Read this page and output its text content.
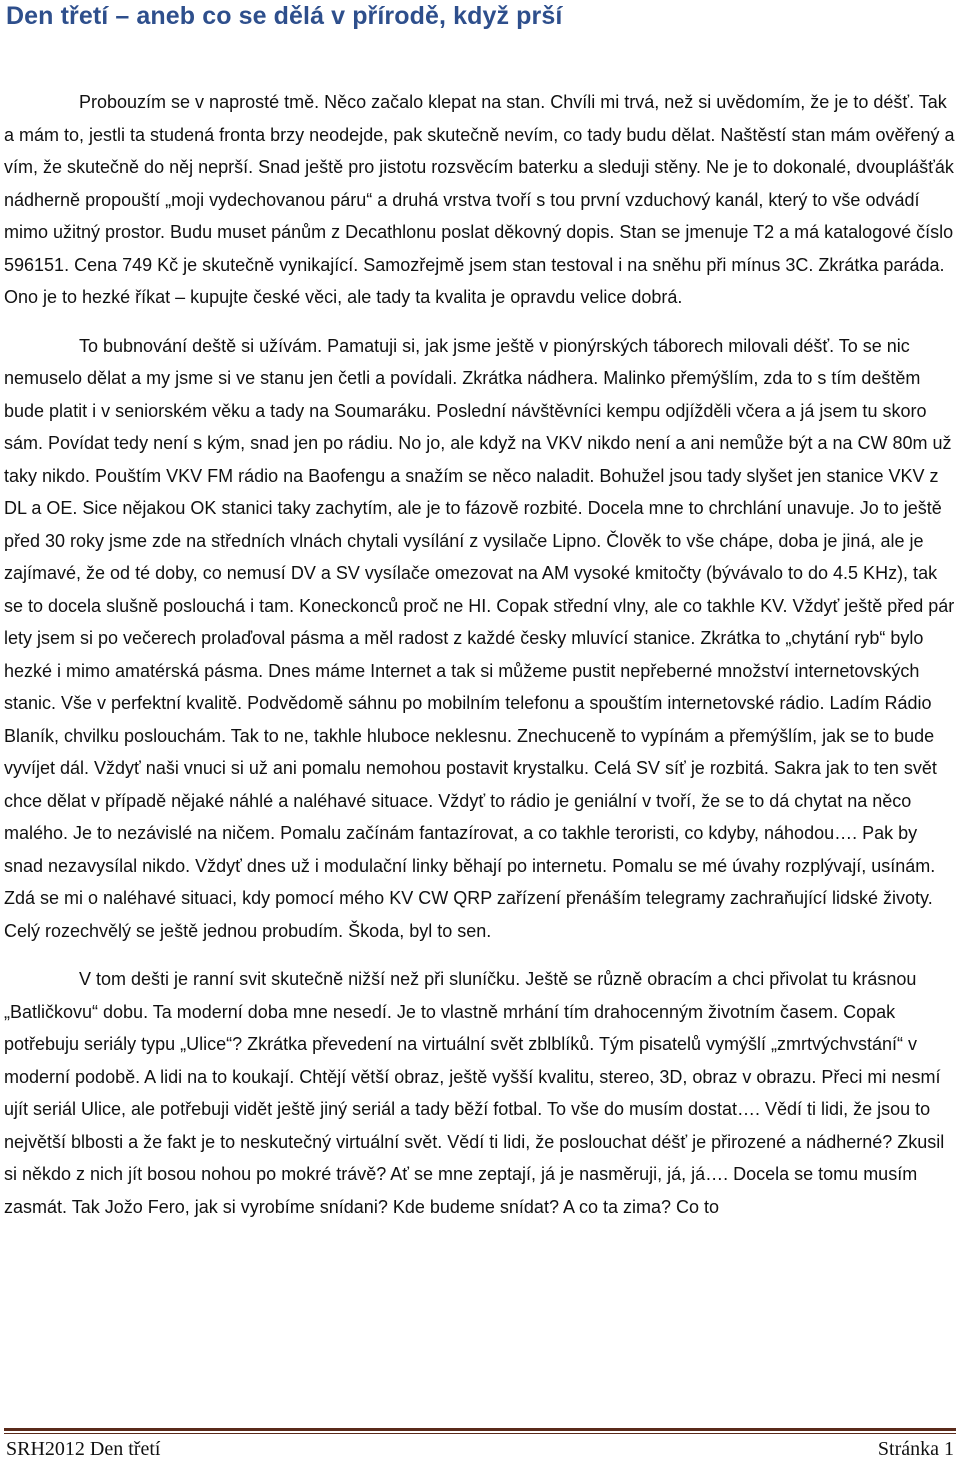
Den třetí – aneb co se dělá v přírodě, když prší

Probouzím se v naprosté tmě. Něco začalo klepat na stan. Chvíli mi trvá, než si uvědomím, že je to déšť. Tak a mám to, jestli ta studená fronta brzy neodejde, pak skutečně nevím, co tady budu dělat. Naštěstí stan mám ověřený a vím, že skutečně do něj neprší. Snad ještě pro jistotu rozsvěcím baterku a sleduji stěny. Ne je to dokonalé, dvouplášťák nádherně propouští „moji vydechovanou páru“ a druhá vrstva tvoří s tou první vzduchový kanál, který to vše odvádí mimo užitný prostor. Budu muset pánům z Decathlonu poslat děkovný dopis. Stan se jmenuje T2 a má katalogové číslo 596151. Cena 749 Kč je skutečně vynikající. Samozřejmě jsem stan testoval i na sněhu při mínus 3C. Zkrátka paráda. Ono je to hezké říkat – kupujte české věci, ale tady ta kvalita je opravdu velice dobrá.

To bubnování deště si užívám. Pamatuji si, jak jsme ještě v pionýrských táborech milovali déšť. To se nic nemuselo dělat a my jsme si ve stanu jen četli a povídali. Zkrátka nádhera. Malinko přemýšlím, zda to s tím deštěm bude platit i v seniorském věku a tady na Soumaráku. Poslední návštěvníci kempu odjížděli včera a já jsem tu skoro sám. Povídat tedy není s kým, snad jen po rádiu. No jo, ale když na VKV nikdo není a ani nemůže být a na CW 80m už taky nikdo. Pouštím VKV FM rádio na Baofengu a snažím se něco naladit. Bohužel jsou tady slyšet jen stanice VKV z DL a OE. Sice nějakou OK stanici taky zachytím, ale je to fázově rozbité. Docela mne to chrchlání unavuje. Jo to ještě před 30 roky jsme zde na středních vlnách chytali vysílání z vysilače Lipno. Člověk to vše chápe, doba je jiná, ale je zajímavé, že od té doby, co nemusí DV a SV vysílače omezovat na AM vysoké kmitočty (bývávalo to do 4.5 KHz), tak se to docela slušně poslouchá i tam. Koneckonců proč ne HI. Copak střední vlny, ale co takhle KV. Vždyť ještě před pár lety jsem si po večerech prolaďoval pásma a měl radost z každé česky mluvící stanice. Zkrátka to „chytání ryb“ bylo hezké i mimo amatérská pásma. Dnes máme Internet a tak si můžeme pustit nepřeberné množství internetovských stanic. Vše v perfektní kvalitě. Podvědomě sáhnu po mobilním telefonu a spouštím internetovské rádio. Ladím Rádio Blaník, chvilku poslouchám. Tak to ne, takhle hluboce neklesnu. Znechuceně to vypínám a přemýšlím, jak se to bude vyvíjet dál. Vždyť naši vnuci si už ani pomalu nemohou postavit krystalku. Celá SV síť je rozbitá. Sakra jak to ten svět chce dělat v případě nějaké náhlé a naléhavé situace. Vždyť to rádio je geniální v tvoří, že se to dá chytat na něco malého. Je to nezávislé na ničem. Pomalu začínám fantazírovat, a co takhle teroristi, co kdyby, náhodou…. Pak by snad nezavysílal nikdo. Vždyť dnes už i modulační linky běhají po internetu. Pomalu se mé úvahy rozplývají, usínám. Zdá se mi o naléhavé situaci, kdy pomocí mého KV CW QRP zařízení přenáším telegramy zachraňující lidské životy. Celý rozechvělý se ještě jednou probudím. Škoda, byl to sen.

V tom dešti je ranní svit skutečně nižší než při sluníčku. Ještě se různě obracím a chci přivolat tu krásnou „Batličkovu“ dobu. Ta moderní doba mne nesedí. Je to vlastně mrhání tím drahocenným životním časem. Copak potřebuju seriály typu „Ulice“? Zkrátka převedení na virtuální svět zblblíků. Tým pisatelů vymýšlí „zmrtvýchvstání“ v moderní podobě. A lidi na to koukají. Chtějí větší obraz, ještě vyšší kvalitu, stereo, 3D, obraz v obrazu. Přeci mi nesmí ujít seriál Ulice, ale potřebuji vidět ještě jiný seriál a tady běží fotbal. To vše do musím dostat…. Vědí ti lidi, že jsou to největší blbosti a že fakt je to neskutečný virtuální svět. Vědí ti lidi, že poslouchat déšť je přirozené a nádherné? Zkusil si někdo z nich jít bosou nohou po mokré trávě? Ať se mne zeptají, já je nasměruji, já, já…. Docela se tomu musím zasmát. Tak Jožo Fero, jak si vyrobíme snídani? Kde budeme snídat? A co ta zima? Co to

SRH2012 Den třetí	Stránka 1
